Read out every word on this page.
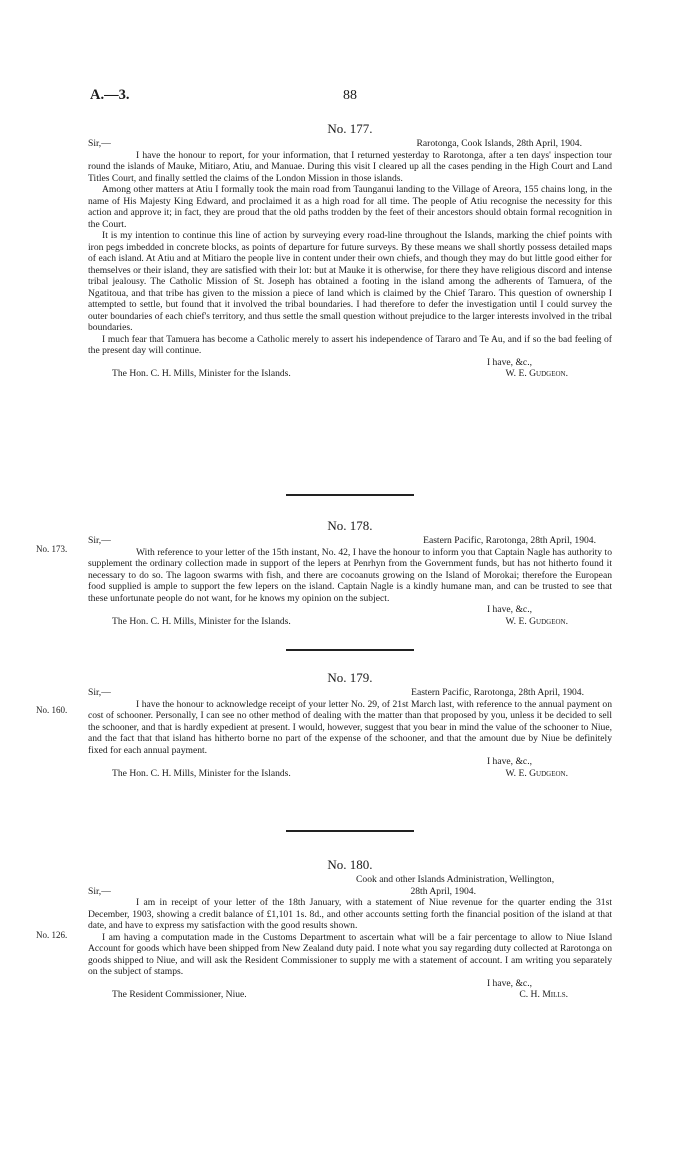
A.—3.	88
No. 177.
Sir,—	Rarotonga, Cook Islands, 28th April, 1904.

I have the honour to report, for your information, that I returned yesterday to Rarotonga, after a ten days' inspection tour round the islands of Mauke, Mitiaro, Atiu, and Manuae. During this visit I cleared up all the cases pending in the High Court and Land Titles Court, and finally settled the claims of the London Mission in those islands.

Among other matters at Atiu I formally took the main road from Taunganui landing to the Village of Areora, 155 chains long, in the name of His Majesty King Edward, and proclaimed it as a high road for all time. The people of Atiu recognise the necessity for this action and approve it; in fact, they are proud that the old paths trodden by the feet of their ancestors should obtain formal recognition in the Court.

It is my intention to continue this line of action by surveying every road-line throughout the Islands, marking the chief points with iron pegs imbedded in concrete blocks, as points of departure for future surveys. By these means we shall shortly possess detailed maps of each island. At Atiu and at Mitiaro the people live in content under their own chiefs, and though they may do but little good either for themselves or their island, they are satisfied with their lot: but at Mauke it is otherwise, for there they have religious discord and intense tribal jealousy. The Catholic Mission of St. Joseph has obtained a footing in the island among the adherents of Tamuera, of the Ngatitoua, and that tribe has given to the mission a piece of land which is claimed by the Chief Tararo. This question of ownership I attempted to settle, but found that it involved the tribal boundaries. I had therefore to defer the investigation until I could survey the outer boundaries of each chief's territory, and thus settle the small question without prejudice to the larger interests involved in the tribal boundaries.

I much fear that Tamuera has become a Catholic merely to assert his independence of Tararo and Te Au, and if so the bad feeling of the present day will continue.

I have, &c.,
The Hon. C. H. Mills, Minister for the Islands.	W. E. Gudgeon.
No. 173.
No. 178.
Sir,—	Eastern Pacific, Rarotonga, 28th April, 1904.

With reference to your letter of the 15th instant, No. 42, I have the honour to inform you that Captain Nagle has authority to supplement the ordinary collection made in support of the lepers at Penrhyn from the Government funds, but has not hitherto found it necessary to do so. The lagoon swarms with fish, and there are cocoanuts growing on the Island of Morokai; therefore the European food supplied is ample to support the few lepers on the island. Captain Nagle is a kindly humane man, and can be trusted to see that these unfortunate people do not want, for he knows my opinion on the subject.

I have, &c.,
The Hon. C. H. Mills, Minister for the Islands.	W. E. Gudgeon.
No. 160.
No. 179.
Sir,—	Eastern Pacific, Rarotonga, 28th April, 1904.

I have the honour to acknowledge receipt of your letter No. 29, of 21st March last, with reference to the annual payment on cost of schooner. Personally, I can see no other method of dealing with the matter than that proposed by you, unless it be decided to sell the schooner, and that is hardly expedient at present. I would, however, suggest that you bear in mind the value of the schooner to Niue, and the fact that that island has hitherto borne no part of the expense of the schooner, and that the amount due by Niue be definitely fixed for each annual payment.

I have, &c.,
The Hon. C. H. Mills, Minister for the Islands.	W. E. Gudgeon.
No. 126.
No. 180.
Cook and other Islands Administration, Wellington,
Sir,—	28th April, 1904.

I am in receipt of your letter of the 18th January, with a statement of Niue revenue for the quarter ending the 31st December, 1903, showing a credit balance of £1,101 1s. 8d., and other accounts setting forth the financial position of the island at that date, and have to express my satisfaction with the good results shown.

I am having a computation made in the Customs Department to ascertain what will be a fair percentage to allow to Niue Island Account for goods which have been shipped from New Zealand duty paid. I note what you say regarding duty collected at Rarotonga on goods shipped to Niue, and will ask the Resident Commissioner to supply me with a statement of account. I am writing you separately on the subject of stamps.

I have, &c.,
The Resident Commissioner, Niue.	C. H. Mills.
